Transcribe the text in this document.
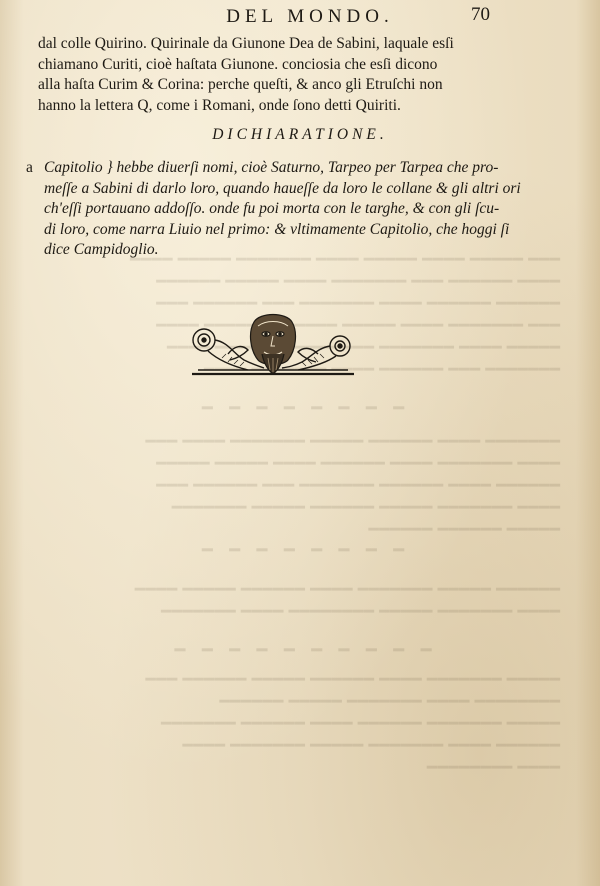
━━━ ━━━━━ ━━━━ ━━━━━ ━━━━ ━━━━━━━ ━━━━━ ━━━━
━━━━ ━━━━━━ ━━━ ━━━━━━━ ━━━━ ━━━━━ ━━━━━━
━━━━━━ ━━━━━━ ━━━━ ━━━━━━━ ━━━ ━━━━━━ ━━━
━━━ ━━━━━━━ ━━━━ ━━━━━ ━━━━━ ━━━━━━━ ━━━━
━━━━━ ━━━━ ━━━━━━━ ━━━ ━━━━━━ ━━━━━ ━━━━
━━━━━━━ ━━━ ━━━━━━ ━━━━ ━━━━━━━ ━━━━
━ ━ ━ ━ ━ ━ ━ ━
━━━━━━━ ━━━━ ━━━━━━ ━━━━━ ━━━━━━━ ━━━━ ━━━
━━━━ ━━━━━━━ ━━━━ ━━━━━━ ━━━━ ━━━━━ ━━━━━
━━━━━━ ━━━━ ━━━━━━ ━━━━━━━ ━━━ ━━━━━━ ━━━
━━━━ ━━━━━━━ ━━━━━ ━━━━━━ ━━━━━ ━━━━━━━
━━━━━ ━━━━━━ ━━━━━━
━ ━ ━ ━ ━ ━ ━ ━
━━━━━━ ━━━━━ ━━━━━━━ ━━━━ ━━━━━━ ━━━━━ ━━━━
━━━━ ━━━━━━━ ━━━━━ ━━━━━━━━ ━━━━ ━━━━━━━
━ ━ ━ ━ ━ ━ ━ ━ ━ ━
━━━━━ ━━━━━━━ ━━━━ ━━━━━━ ━━━━━ ━━━━━━ ━━━
━━━━━━━━ ━━━━ ━━━━━━━ ━━━━━ ━━━━━━
━━━━━ ━━━━━━━ ━━━━━━ ━━━━ ━━━━━━ ━━━━━━━
━━━━━━ ━━━━ ━━━━━━━ ━━━━━ ━━━━━━━ ━━━━
━━━━ ━━━━━━━━
DEL MONDO.	70
dal colle Quirino. Quirinale da Giunone Dea de Sabini, laquale esſi
chiamano Curiti, cioè haſtata Giunone. conciosia che esſi dicono
alla haſta Curim & Corina: perche queſti, & anco gli Etruſchi non
hanno la lettera Q, come i Romani, onde ſono detti Quiriti.
DICHIARATIONE.
a Capitolio } hebbe diuerſi nomi, cioè Saturno, Tarpeo per Tarpea che pro-
meſſe a Sabini di darlo loro, quando haueſſe da loro le collane & gli altri ori
ch'eſſi portauano addoſſo. onde fu poi morta con le targhe, & con gli ſcu-
di loro, come narra Liuio nel primo: & vltimamente Capitolio, che hoggi ſi
dice Campidoglio.
